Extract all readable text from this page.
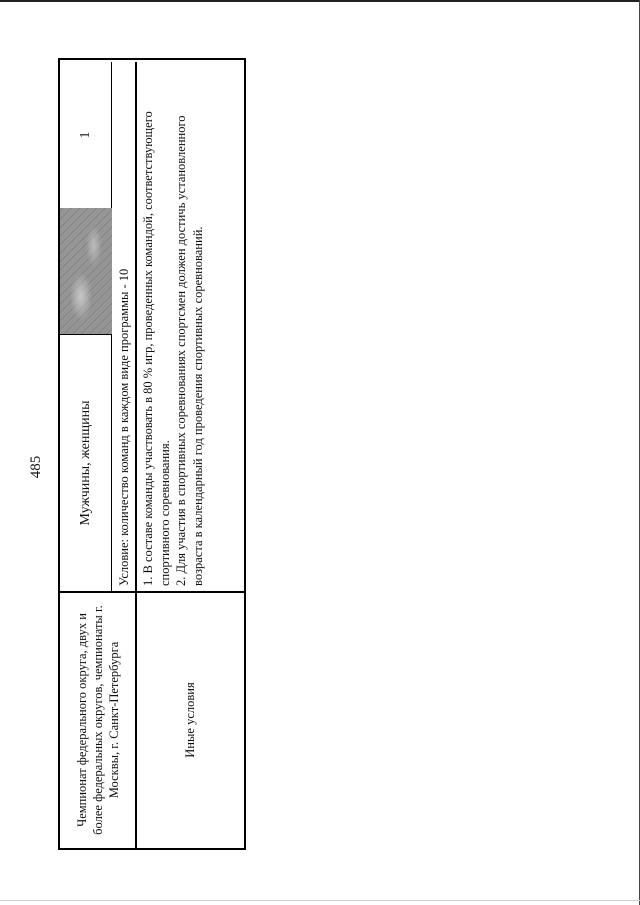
485
Чемпионат федерального округа, двух и более федеральных округов, чемпионаты г. Москвы, г. Санкт-Петербурга
Мужчины, женщины
1
Условие: количество команд в каждом виде программы - 10
Иные условия

1. В составе команды участвовать в 80 % игр, проведенных командой, соответствующего спортивного соревнования. 2. Для участия в спортивных соревнованиях спортсмен должен достичь установленного возраста в календарный год проведения спортивных соревнований.
